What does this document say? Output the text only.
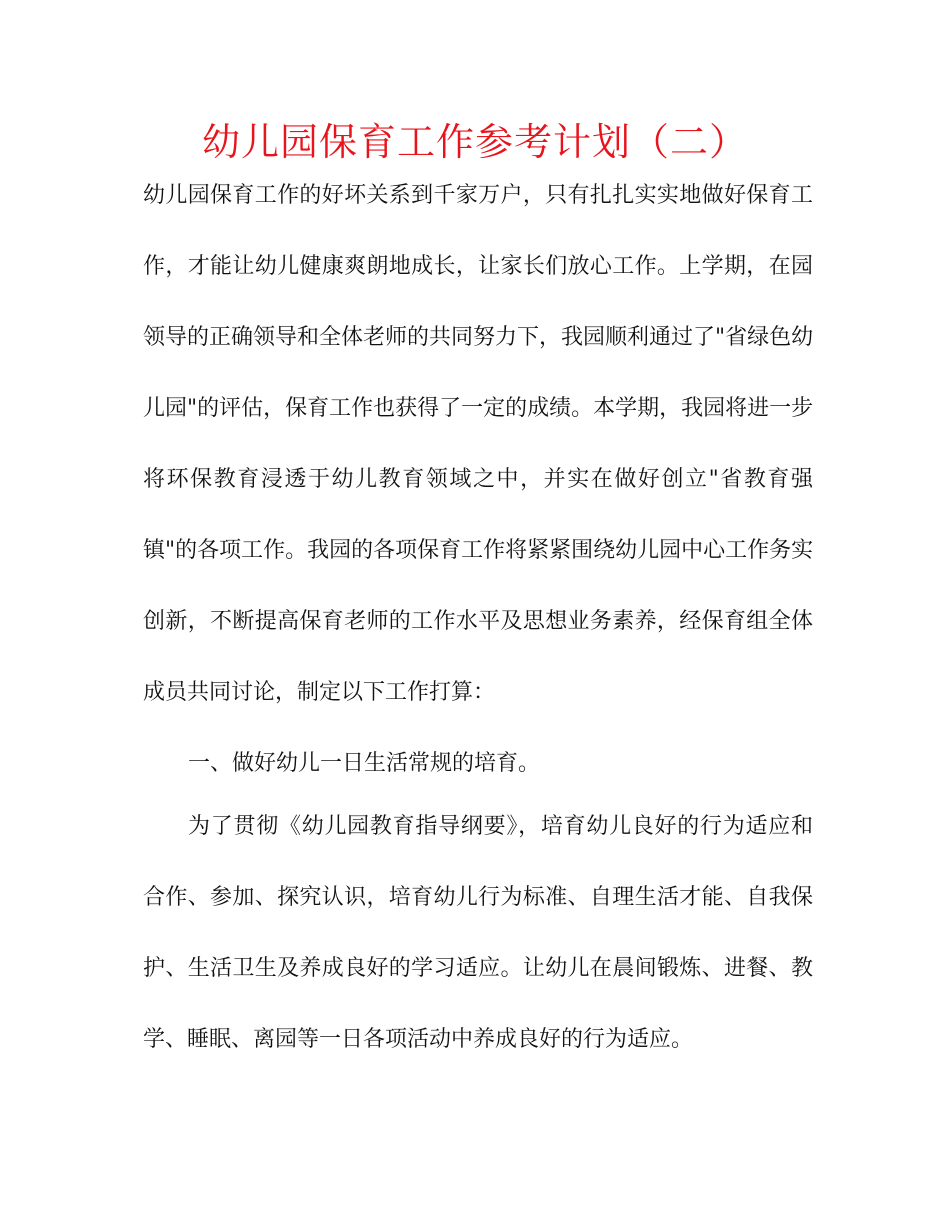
幼儿园保育工作参考计划（二）

幼儿园保育工作的好坏关系到千家万户，只有扎扎实实地做好保育工

作，才能让幼儿健康爽朗地成长，让家长们放心工作。上学期，在园

领导的正确领导和全体老师的共同努力下，我园顺利通过了"省绿色幼

儿园"的评估，保育工作也获得了一定的成绩。本学期，我园将进一步

将环保教育浸透于幼儿教育领域之中，并实在做好创立"省教育强

镇"的各项工作。我园的各项保育工作将紧紧围绕幼儿园中心工作务实

创新，不断提高保育老师的工作水平及思想业务素养，经保育组全体

成员共同讨论，制定以下工作打算：

一、做好幼儿一日生活常规的培育。

为了贯彻《幼儿园教育指导纲要》，培育幼儿良好的行为适应和

合作、参加、探究认识，培育幼儿行为标准、自理生活才能、自我保

护、生活卫生及养成良好的学习适应。让幼儿在晨间锻炼、进餐、教

学、睡眠、离园等一日各项活动中养成良好的行为适应。
